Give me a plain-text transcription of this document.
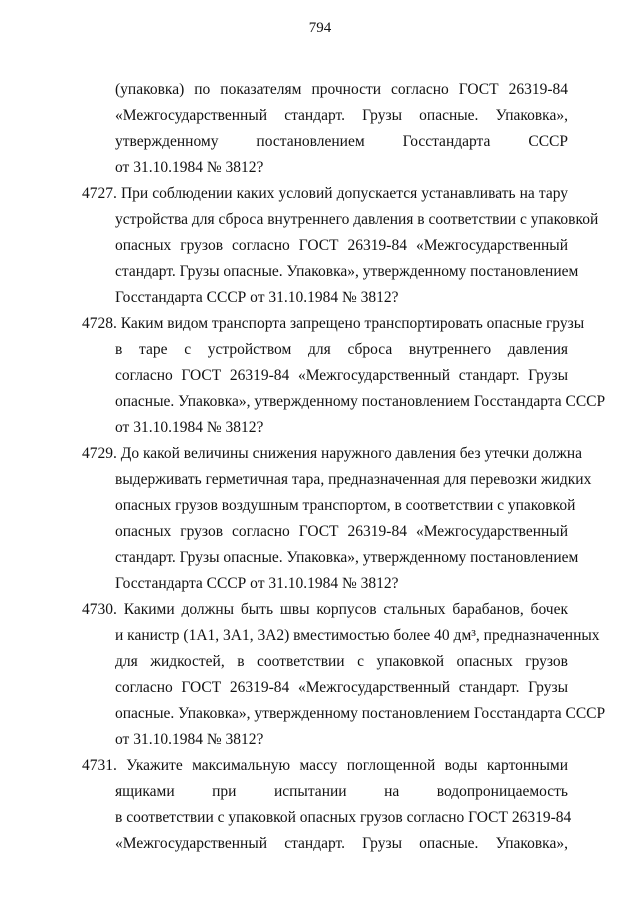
794
(упаковка) по показателям прочности согласно ГОСТ 26319-84
«Межгосударственный стандарт. Грузы опасные. Упаковка»,
утвержденному постановлением Госстандарта СССР
от 31.10.1984 № 3812?
4727. При соблюдении каких условий допускается устанавливать на тару
устройства для сброса внутреннего давления в соответствии с упаковкой
опасных грузов согласно ГОСТ 26319-84 «Межгосударственный
стандарт. Грузы опасные. Упаковка», утвержденному постановлением
Госстандарта СССР от 31.10.1984 № 3812?
4728. Каким видом транспорта запрещено транспортировать опасные грузы
в таре с устройством для сброса внутреннего давления
согласно ГОСТ 26319-84 «Межгосударственный стандарт. Грузы
опасные. Упаковка», утвержденному постановлением Госстандарта СССР
от 31.10.1984 № 3812?
4729. До какой величины снижения наружного давления без утечки должна
выдерживать герметичная тара, предназначенная для перевозки жидких
опасных грузов воздушным транспортом, в соответствии с упаковкой
опасных грузов согласно ГОСТ 26319-84 «Межгосударственный
стандарт. Грузы опасные. Упаковка», утвержденному постановлением
Госстандарта СССР от 31.10.1984 № 3812?
4730. Какими должны быть швы корпусов стальных барабанов, бочек
и канистр (1А1, 3А1, 3А2) вместимостью более 40 дм³, предназначенных
для жидкостей, в соответствии с упаковкой опасных грузов
согласно ГОСТ 26319-84 «Межгосударственный стандарт. Грузы
опасные. Упаковка», утвержденному постановлением Госстандарта СССР
от 31.10.1984 № 3812?
4731. Укажите максимальную массу поглощенной воды картонными
ящиками при испытании на водопроницаемость
в соответствии с упаковкой опасных грузов согласно ГОСТ 26319-84
«Межгосударственный стандарт. Грузы опасные. Упаковка»,
